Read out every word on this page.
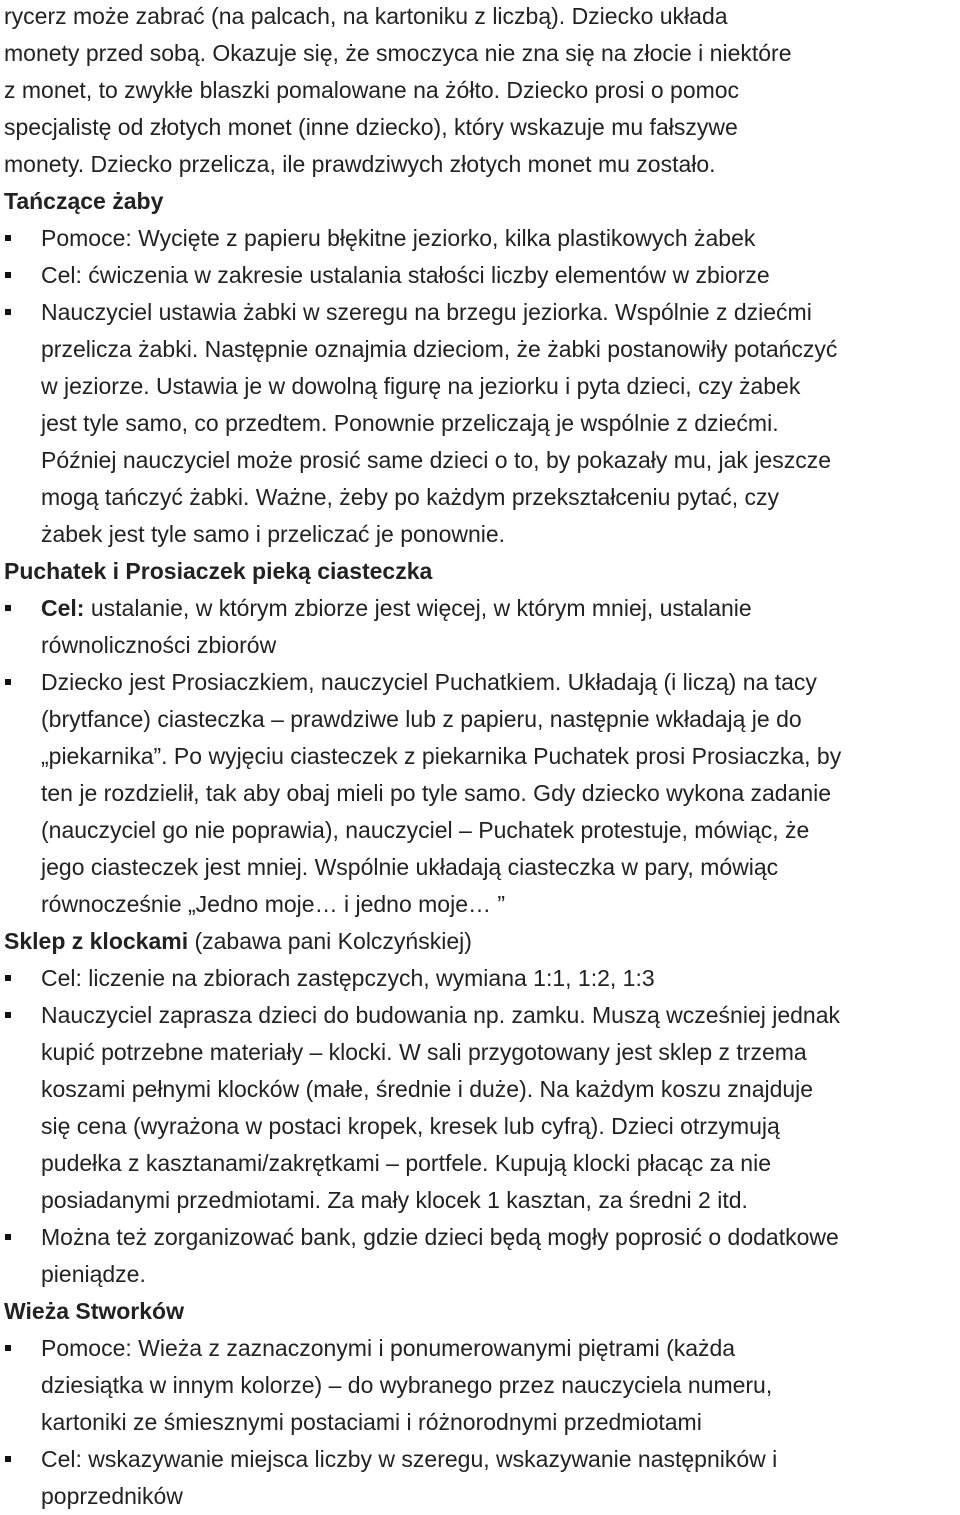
rycerz może zabrać (na palcach, na kartoniku z liczbą). Dziecko układa
monety przed sobą. Okazuje się, że smoczyca nie zna się na złocie i niektóre
z monet, to zwykłe blaszki pomalowane na żółto. Dziecko prosi o pomoc
specjalistę od złotych monet (inne dziecko), który wskazuje mu fałszywe
monety. Dziecko przelicza, ile prawdziwych złotych monet mu zostało.
Tańczące żaby
Pomoce: Wycięte z papieru błękitne jeziorko, kilka plastikowych żabek
Cel: ćwiczenia w zakresie ustalania stałości liczby elementów w zbiorze
Nauczyciel ustawia żabki w szeregu na brzegu jeziorka. Wspólnie z dziećmi
przelicza żabki. Następnie oznajmia dzieciom, że żabki postanowiły potańczyć
w jeziorze. Ustawia je w dowolną figurę na jeziorku i pyta dzieci, czy żabek
jest tyle samo, co przedtem. Ponownie przeliczają je wspólnie z dziećmi.
Później nauczyciel może prosić same dzieci o to, by pokazały mu, jak jeszcze
mogą tańczyć żabki. Ważne, żeby po każdym przekształceniu pytać, czy
żabek jest tyle samo i przeliczać je ponownie.
Puchatek i Prosiaczek pieką ciasteczka
Cel: ustalanie, w którym zbiorze jest więcej, w którym mniej, ustalanie
równoliczności zbiorów
Dziecko jest Prosiaczkiem, nauczyciel Puchatkiem. Układają (i liczą) na tacy
(brytfance) ciasteczka – prawdziwe lub z papieru, następnie wkładają je do
„piekarnika”. Po wyjęciu ciasteczek z piekarnika Puchatek prosi Prosiaczka, by
ten je rozdzielił, tak aby obaj mieli po tyle samo. Gdy dziecko wykona zadanie
(nauczyciel go nie poprawia), nauczyciel – Puchatek protestuje, mówiąc, że
jego ciasteczek jest mniej. Wspólnie układają ciasteczka w pary, mówiąc
równocześnie „Jedno moje… i jedno moje… ”
Sklep z klockami (zabawa pani Kolczyńskiej)
Cel: liczenie na zbiorach zastępczych, wymiana 1:1, 1:2, 1:3
Nauczyciel zaprasza dzieci do budowania np. zamku. Muszą wcześniej jednak
kupić potrzebne materiały – klocki. W sali przygotowany jest sklep z trzema
koszami pełnymi klocków (małe, średnie i duże). Na każdym koszu znajduje
się cena (wyrażona w postaci kropek, kresek lub cyfrą). Dzieci otrzymują
pudełka z kasztanami/zakrętkami – portfele. Kupują klocki płacąc za nie
posiadanymi przedmiotami. Za mały klocek 1 kasztan, za średni 2 itd.
Można też zorganizować bank, gdzie dzieci będą mogły poprosić o dodatkowe
pieniądze.
Wieża Stworków
Pomoce: Wieża z zaznaczonymi i ponumerowanymi piętrami (każda
dziesiątka w innym kolorze) – do wybranego przez nauczyciela numeru,
kartoniki ze śmiesznymi postaciami i różnorodnymi przedmiotami
Cel: wskazywanie miejsca liczby w szeregu, wskazywanie następników i
poprzedników
